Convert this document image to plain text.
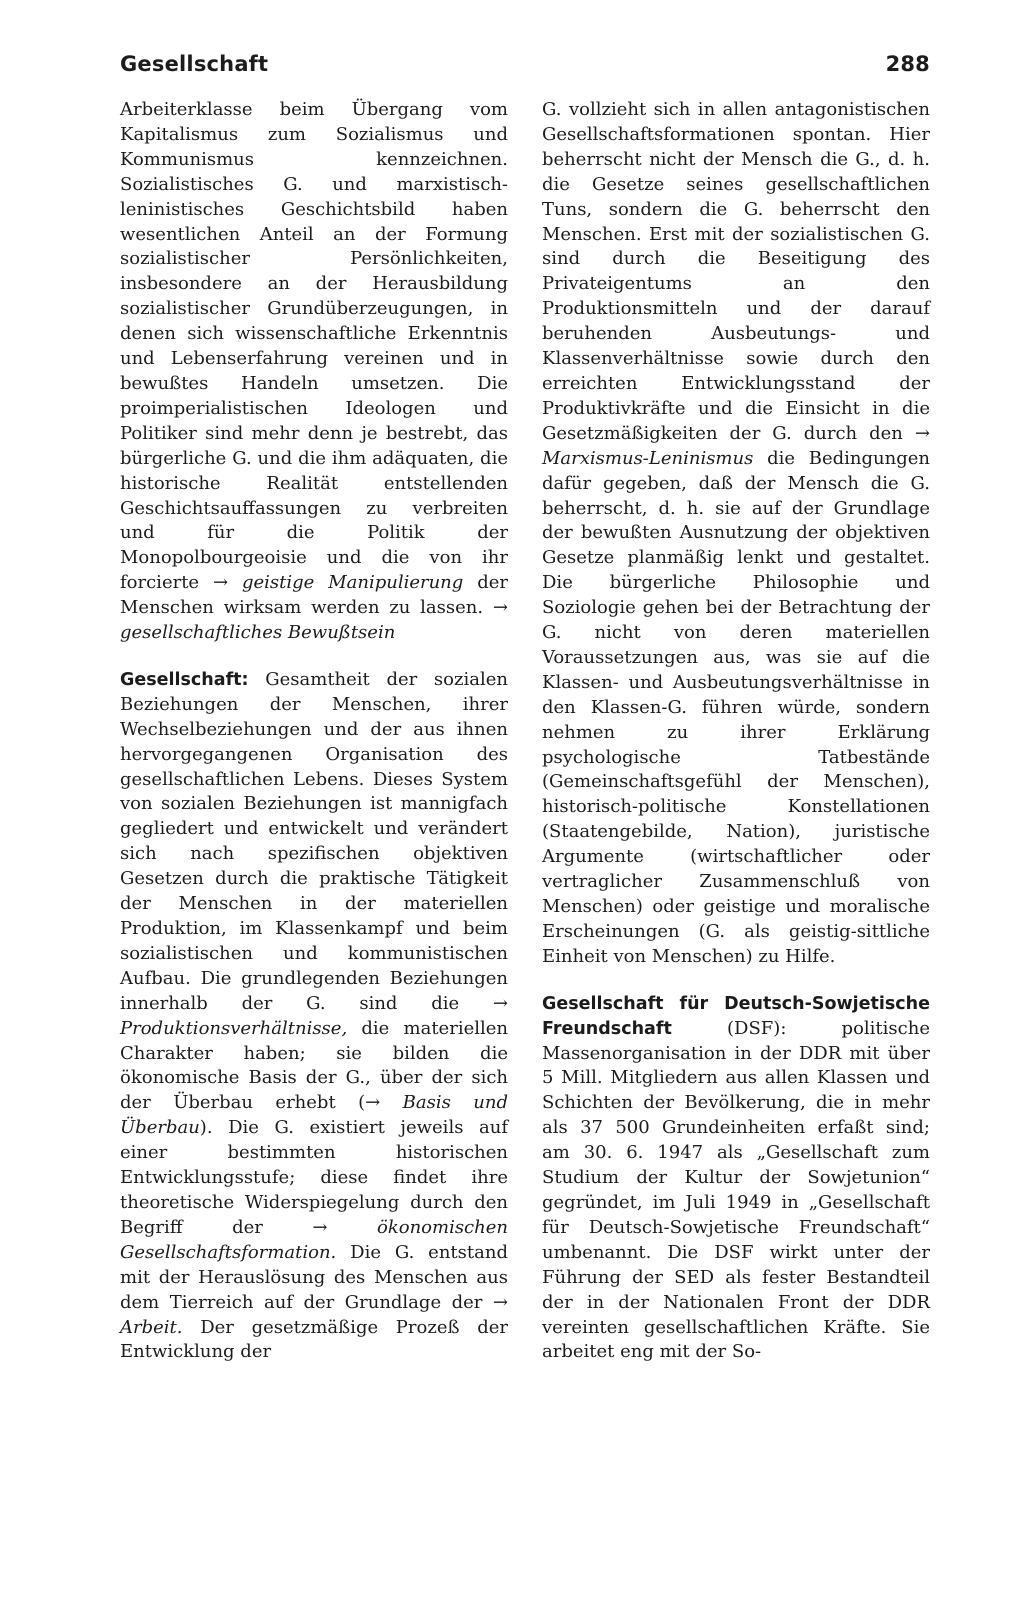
Gesellschaft	288

Arbeiterklasse beim Übergang vom Kapitalismus zum Sozialismus und Kommunismus kennzeichnen. Sozialistisches G. und marxistisch-leninistisches Geschichtsbild haben wesentlichen Anteil an der Formung sozialistischer Persönlichkeiten, insbesondere an der Herausbildung sozialistischer Grundüberzeugungen, in denen sich wissenschaftliche Erkenntnis und Lebenserfahrung vereinen und in bewußtes Handeln umsetzen. Die proimperialistischen Ideologen und Politiker sind mehr denn je bestrebt, das bürgerliche G. und die ihm adäquaten, die historische Realität entstellenden Geschichtsauffassungen zu verbreiten und für die Politik der Monopolbourgeoisie und die von ihr forcierte → geistige Manipulierung der Menschen wirksam werden zu lassen. → gesellschaftliches Bewußtsein

Gesellschaft: Gesamtheit der sozialen Beziehungen der Menschen, ihrer Wechselbeziehungen und der aus ihnen hervorgegangenen Organisation des gesellschaftlichen Lebens. Dieses System von sozialen Beziehungen ist mannigfach gegliedert und entwickelt und verändert sich nach spezifischen objektiven Gesetzen durch die praktische Tätigkeit der Menschen in der materiellen Produktion, im Klassenkampf und beim sozialistischen und kommunistischen Aufbau. Die grundlegenden Beziehungen innerhalb der G. sind die → Produktionsverhältnisse, die materiellen Charakter haben; sie bilden die ökonomische Basis der G., über der sich der Überbau erhebt (→ Basis und Überbau). Die G. existiert jeweils auf einer bestimmten historischen Entwicklungsstufe; diese findet ihre theoretische Widerspiegelung durch den Begriff der	→	ökonomischen Gesellschaftsformation. Die G. entstand mit der Herauslösung des Menschen aus dem Tierreich auf der Grundlage der → Arbeit. Der gesetzmäßige Prozeß der Entwicklung der

G. vollzieht sich in allen antagonistischen Gesellschaftsformationen spontan. Hier beherrscht nicht der Mensch die G., d. h. die Gesetze seines gesellschaftlichen Tuns, sondern die G. beherrscht den Menschen. Erst mit der sozialistischen G. sind durch die Beseitigung des Privateigentums an den Produktionsmitteln und der darauf beruhenden Ausbeutungs- und Klassenverhältnisse sowie durch den erreichten Entwicklungsstand der Produktivkräfte und die Einsicht in die Gesetzmäßigkeiten der G. durch den → Marxismus-Leninismus die Bedingungen dafür gegeben, daß der Mensch die G. beherrscht, d. h. sie auf der Grundlage der bewußten Ausnutzung der objektiven Gesetze planmäßig lenkt und gestaltet. Die bürgerliche Philosophie und Soziologie gehen bei der Betrachtung der G. nicht von deren materiellen Voraussetzungen aus, was sie auf die Klassen- und Ausbeutungsverhältnisse in den Klassen-G. führen würde, sondern nehmen zu ihrer Erklärung psychologische Tatbestände (Gemeinschaftsgefühl der Menschen), historisch-politische Konstellationen (Staatengebilde, Nation), juristische Argumente (wirtschaftlicher oder vertraglicher Zusammenschluß von Menschen) oder geistige und moralische Erscheinungen (G. als geistig-sittliche Einheit von Menschen) zu Hilfe.

Gesellschaft für Deutsch-Sowjetische Freundschaft	(DSF): politische Massenorganisation in der DDR mit über 5 Mill. Mitgliedern aus allen Klassen und Schichten der Bevölkerung, die in mehr als 37 500 Grundeinheiten erfaßt sind; am 30. 6. 1947 als „Gesellschaft zum Studium der Kultur der Sowjetunion“ gegründet, im Juli 1949 in „Gesellschaft für Deutsch-Sowjetische Freundschaft“ umbenannt. Die DSF wirkt unter der Führung der SED als fester Bestandteil der in der Nationalen Front der DDR vereinten gesellschaftlichen Kräfte. Sie arbeitet eng mit der So-
